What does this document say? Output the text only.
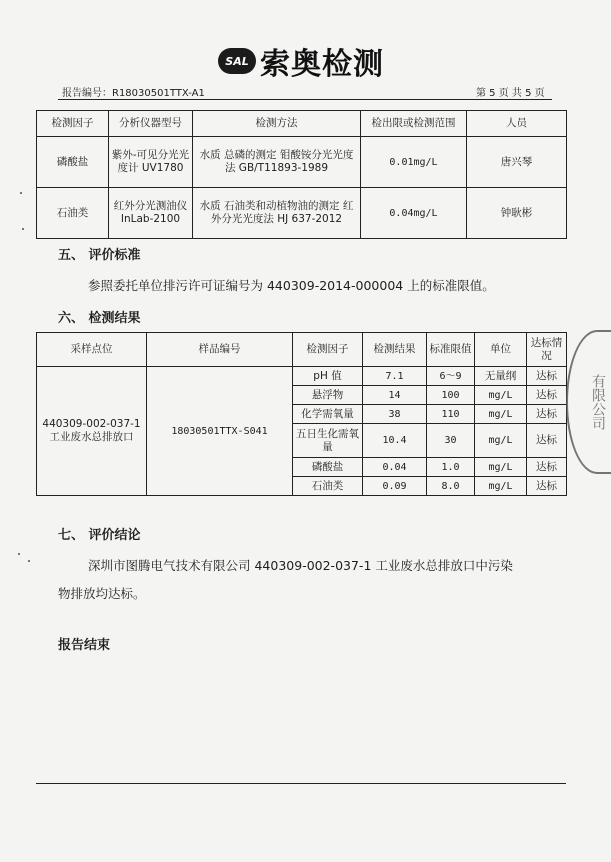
SAL 索奥检测
报告编号：R18030501TTX-A1	第 5 页 共 5 页
检测因子	分析仪器型号	检测方法	检出限或检测范围	人员
磷酸盐	紫外-可见分光光度计 UV1780	水质 总磷的测定 钼酸铵分光光度法 GB/T11893-1989	0.01mg/L	唐兴琴
石油类	红外分光测油仪 InLab-2100	水质 石油类和动植物油的测定 红外分光光度法 HJ 637-2012	0.04mg/L	钟耿彬
五、 评价标准
参照委托单位排污许可证编号为 440309-2014-000004 上的标准限值。
六、 检测结果
采样点位	样品编号	检测因子	检测结果	标准限值	单位	达标情况
440309-002-037-1 工业废水总排放口	18030501TTX-S041	pH 值	7.1	6～9	无量纲	达标
		悬浮物	14	100	mg/L	达标
		化学需氧量	38	110	mg/L	达标
		五日生化需氧量	10.4	30	mg/L	达标
		磷酸盐	0.04	1.0	mg/L	达标
		石油类	0.09	8.0	mg/L	达标
七、 评价结论
深圳市图腾电气技术有限公司 440309-002-037-1 工业废水总排放口中污染
物排放均达标。
报告结束
有限公司
